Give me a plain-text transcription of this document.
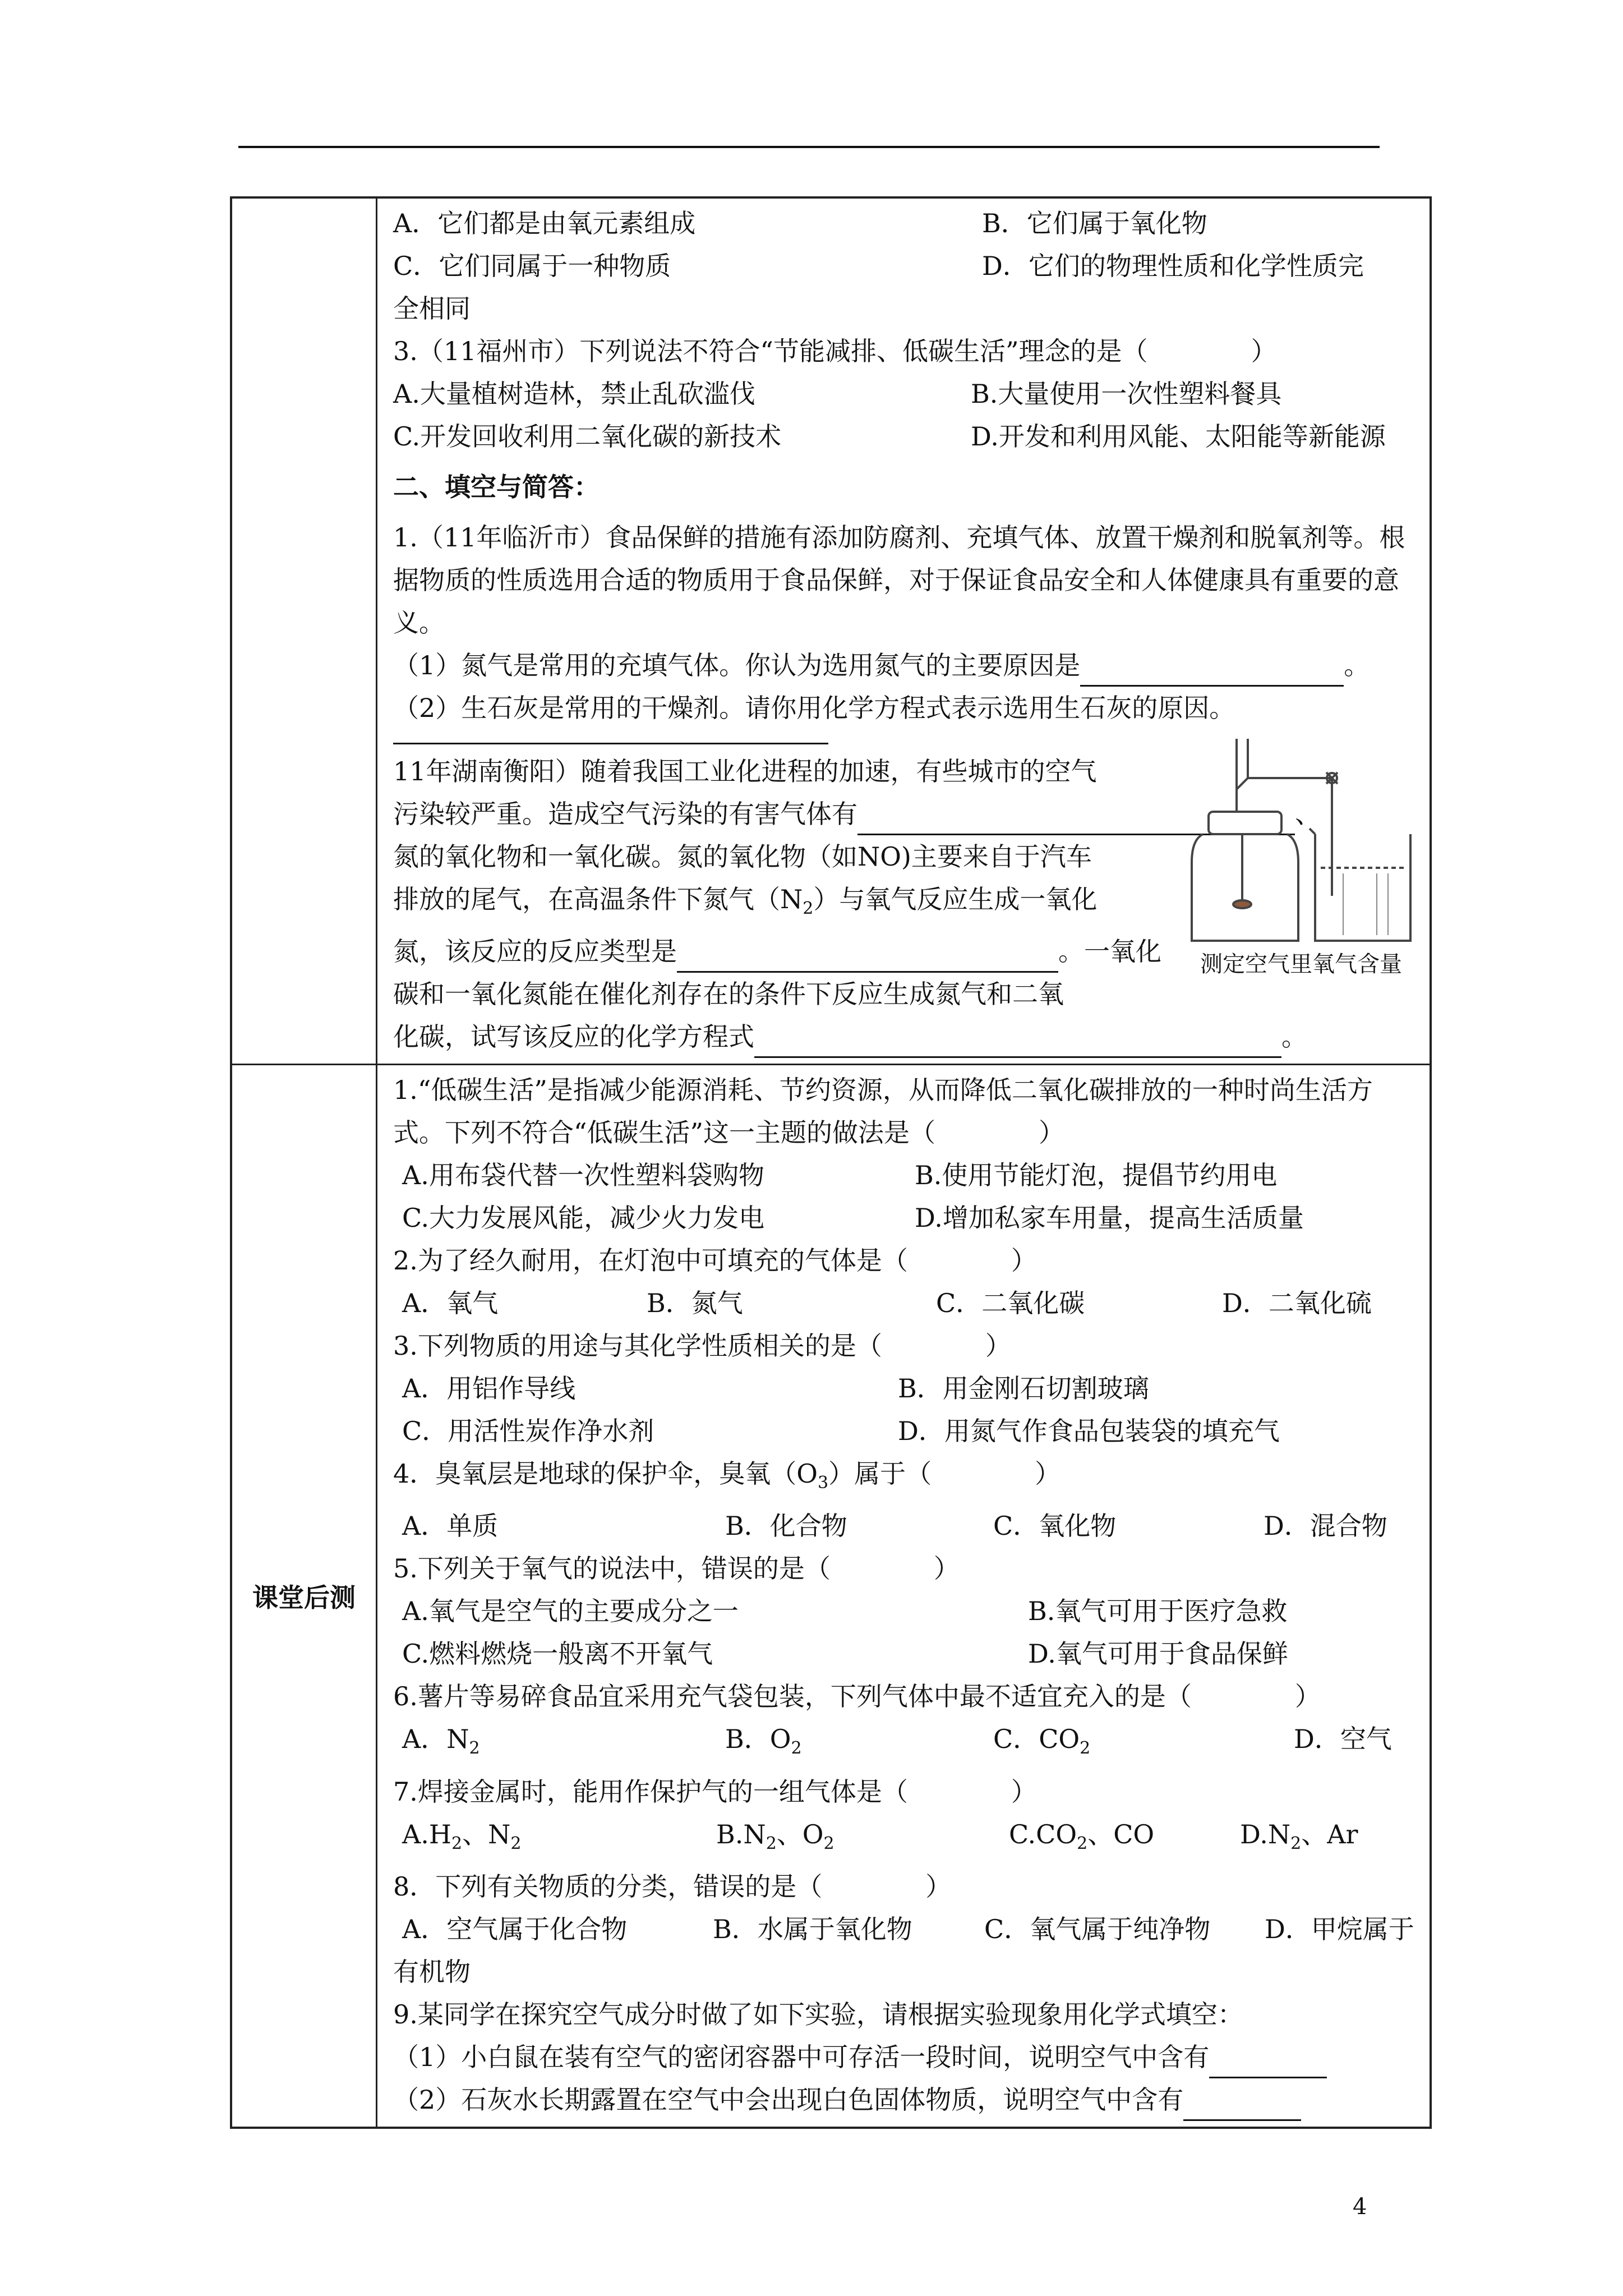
A．它们都是由氧元素组成	B．它们属于氧化物
C．它们同属于一种物质	D．它们的物理性质和化学性质完
全相同
3.（11福州市）下列说法不符合“节能减排、低碳生活”理念的是（　　　　）
A.大量植树造林，禁止乱砍滥伐	B.大量使用一次性塑料餐具
C.开发回收利用二氧化碳的新技术	D.开发和利用风能、太阳能等新能源
二、填空与简答：
1.（11年临沂市）食品保鲜的措施有添加防腐剂、充填气体、放置干燥剂和脱氧剂等。根据物质的性质选用合适的物质用于食品保鲜，对于保证食品安全和人体健康具有重要的意义。
（1）氮气是常用的充填气体。你认为选用氮气的主要原因是	。
（2）生石灰是常用的干燥剂。请你用化学方程式表示选用生石灰的原因。
11年湖南衡阳）随着我国工业化进程的加速，有些城市的空气
污染较严重。造成空气污染的有害气体有	、
氮的氧化物和一氧化碳。氮的氧化物（如NO)主要来自于汽车
排放的尾气，在高温条件下氮气$(N_2)$与氧气反应生成一氧化
氮，该反应的反应类型是	。一氧化
碳和一氧化氮能在催化剂存在的条件下反应生成氮气和二氧
化碳，试写该反应的化学方程式	。
测定空气里氧气含量
课堂后测
1.“低碳生活”是指减少能源消耗、节约资源，从而降低二氧化碳排放的一种时尚生活方式。下列不符合“低碳生活”这一主题的做法是（　　　　）
A.用布袋代替一次性塑料袋购物	B.使用节能灯泡，提倡节约用电
C.大力发展风能，减少火力发电	D.增加私家车用量，提高生活质量
2.为了经久耐用，在灯泡中可填充的气体是（　　　　）
A．氧气	B．氮气	C．二氧化碳	D．二氧化硫
3.下列物质的用途与其化学性质相关的是（　　　　）
A．用铝作导线	B．用金刚石切割玻璃
C．用活性炭作净水剂	D．用氮气作食品包装袋的填充气
4．臭氧层是地球的保护伞，臭氧$(O_3)$属于（　　　　）
A．单质	B．化合物	C．氧化物	D．混合物
5.下列关于氧气的说法中，错误的是（　　　　）
A.氧气是空气的主要成分之一	B.氧气可用于医疗急救
C.燃料燃烧一般离不开氧气	D.氧气可用于食品保鲜
6.薯片等易碎食品宜采用充气袋包装，下列气体中最不适宜充入的是（　　　　）
A．$N_2$	B．$O_2$	C．$CO_2$	D．空气
7.焊接金属时，能用作保护气的一组气体是（　　　　）
$A.H_2$、$N_2$	$B.N_2$、$O_2$	$C.CO_2$、CO	$D.N_2$、Ar
8．下列有关物质的分类，错误的是（　　　　）
A．空气属于化合物	B．水属于氧化物	C．氧气属于纯净物	D．甲烷属于
有机物
9.某同学在探究空气成分时做了如下实验，请根据实验现象用化学式填空：
（1）小白鼠在装有空气的密闭容器中可存活一段时间，说明空气中含有
（2）石灰水长期露置在空气中会出现白色固体物质，说明空气中含有
4
